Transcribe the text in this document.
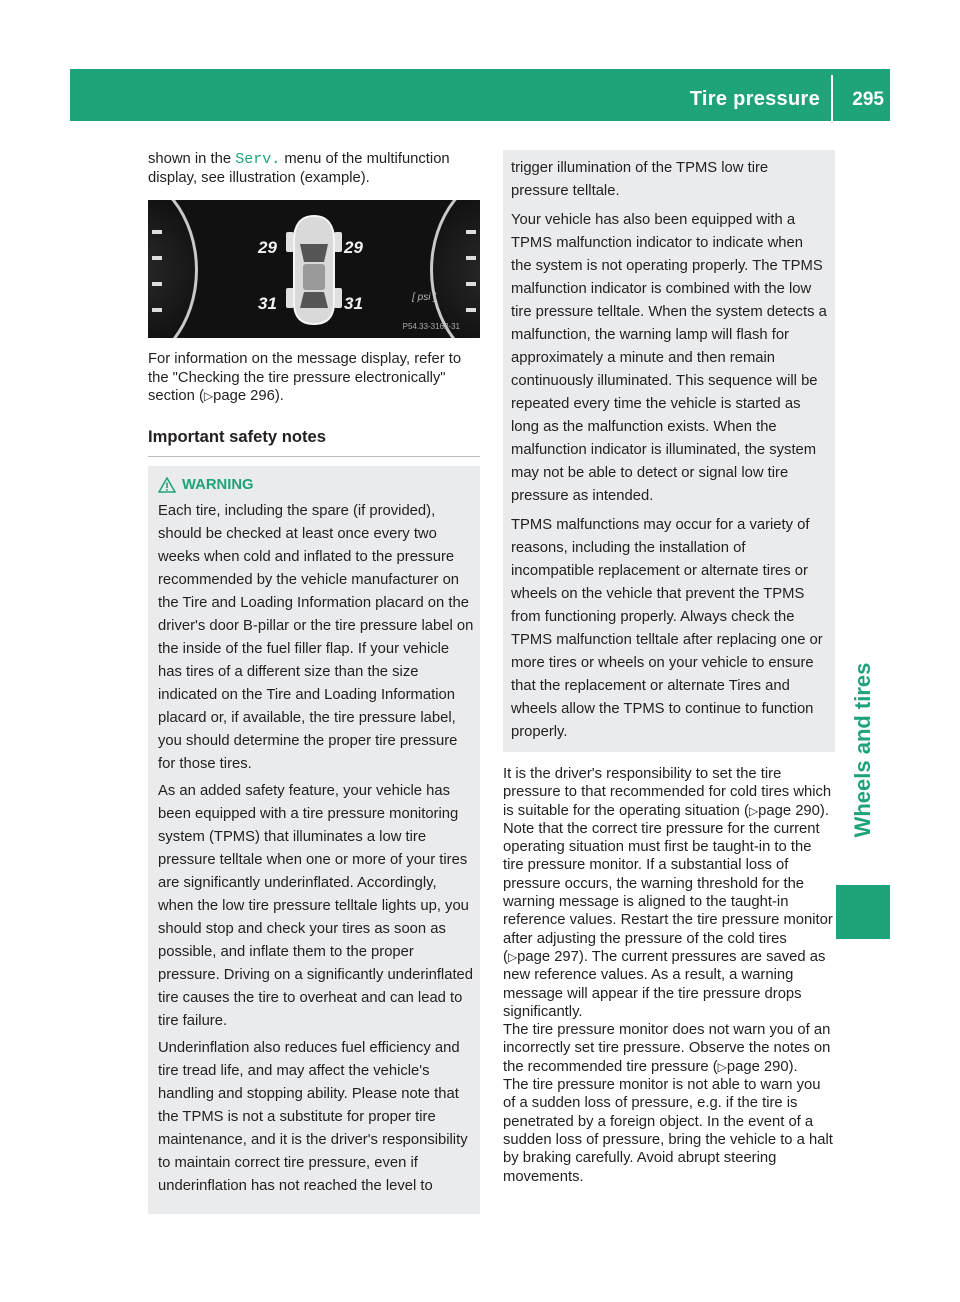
Tire pressure 295
Wheels and tires
shown in the Serv. menu of the multifunction display, see illustration (example).
29	29
31	31	[ psi ]
P54.33-3162-31
For information on the message display, refer to the "Checking the tire pressure electronically" section (▷page 296).
Important safety notes
WARNING
Each tire, including the spare (if provided), should be checked at least once every two weeks when cold and inflated to the pressure recommended by the vehicle manufacturer on the Tire and Loading Information placard on the driver's door B-pillar or the tire pressure label on the inside of the fuel filler flap. If your vehicle has tires of a different size than the size indicated on the Tire and Loading Information placard or, if available, the tire pressure label, you should determine the proper tire pressure for those tires.
As an added safety feature, your vehicle has been equipped with a tire pressure monitoring system (TPMS) that illuminates a low tire pressure telltale when one or more of your tires are significantly underinflated. Accordingly, when the low tire pressure telltale lights up, you should stop and check your tires as soon as possible, and inflate them to the proper pressure. Driving on a significantly underinflated tire causes the tire to overheat and can lead to tire failure.
Underinflation also reduces fuel efficiency and tire tread life, and may affect the vehicle's handling and stopping ability. Please note that the TPMS is not a substitute for proper tire maintenance, and it is the driver's responsibility to maintain correct tire pressure, even if underinflation has not reached the level to
trigger illumination of the TPMS low tire pressure telltale.
Your vehicle has also been equipped with a TPMS malfunction indicator to indicate when the system is not operating properly. The TPMS malfunction indicator is combined with the low tire pressure telltale. When the system detects a malfunction, the warning lamp will flash for approximately a minute and then remain continuously illuminated. This sequence will be repeated every time the vehicle is started as long as the malfunction exists. When the malfunction indicator is illuminated, the system may not be able to detect or signal low tire pressure as intended.
TPMS malfunctions may occur for a variety of reasons, including the installation of incompatible replacement or alternate tires or wheels on the vehicle that prevent the TPMS from functioning properly. Always check the TPMS malfunction telltale after replacing one or more tires or wheels on your vehicle to ensure that the replacement or alternate Tires and wheels allow the TPMS to continue to function properly.
It is the driver's responsibility to set the tire pressure to that recommended for cold tires which is suitable for the operating situation (▷page 290). Note that the correct tire pressure for the current operating situation must first be taught-in to the tire pressure monitor. If a substantial loss of pressure occurs, the warning threshold for the warning message is aligned to the taught-in reference values. Restart the tire pressure monitor after adjusting the pressure of the cold tires (▷page 297). The current pressures are saved as new reference values. As a result, a warning message will appear if the tire pressure drops significantly.
The tire pressure monitor does not warn you of an incorrectly set tire pressure. Observe the notes on the recommended tire pressure (▷page 290).
The tire pressure monitor is not able to warn you of a sudden loss of pressure, e.g. if the tire is penetrated by a foreign object. In the event of a sudden loss of pressure, bring the vehicle to a halt by braking carefully. Avoid abrupt steering movements.
